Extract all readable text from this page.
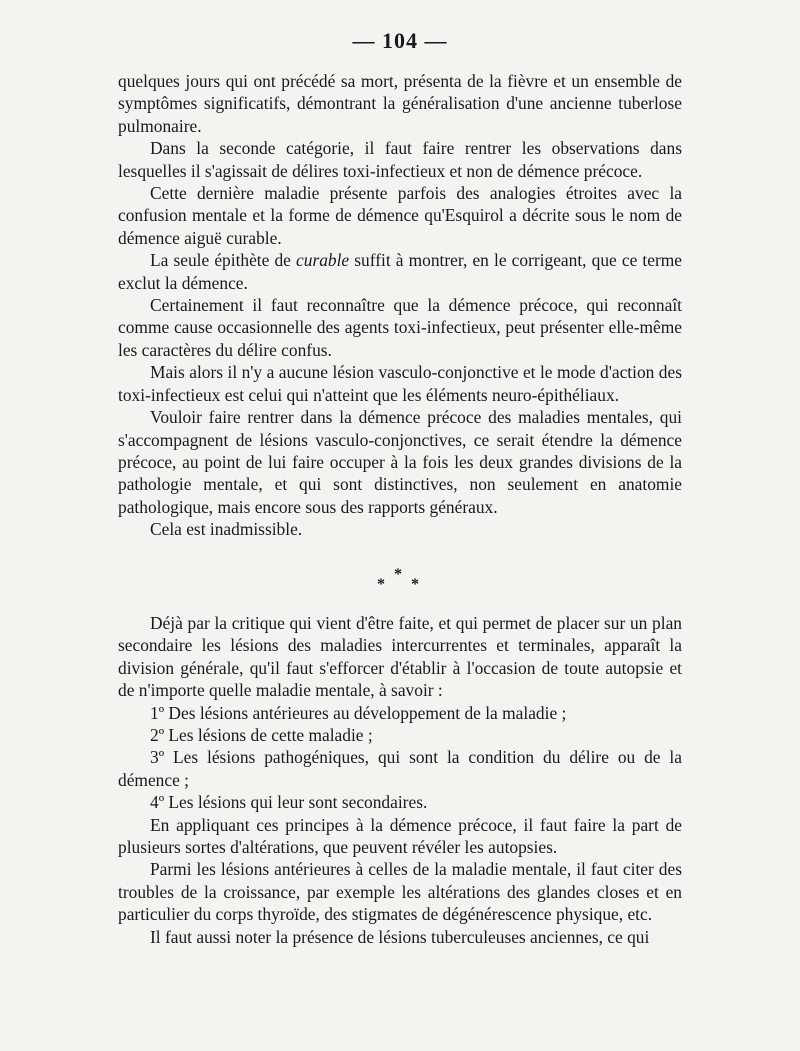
— 104 —

quelques jours qui ont précédé sa mort, présenta de la fièvre et un ensemble de symptômes significatifs, démontrant la généralisation d'une ancienne tuberlose pulmonaire.

Dans la seconde catégorie, il faut faire rentrer les observations dans lesquelles il s'agissait de délires toxi-infectieux et non de démence précoce.

Cette dernière maladie présente parfois des analogies étroites avec la confusion mentale et la forme de démence qu'Esquirol a décrite sous le nom de démence aiguë curable.

La seule épithète de curable suffit à montrer, en le corrigeant, que ce terme exclut la démence.

Certainement il faut reconnaître que la démence précoce, qui reconnaît comme cause occasionnelle des agents toxi-infectieux, peut présenter elle-même les caractères du délire confus.

Mais alors il n'y a aucune lésion vasculo-conjonctive et le mode d'action des toxi-infectieux est celui qui n'atteint que les éléments neuro-épithéliaux.

Vouloir faire rentrer dans la démence précoce des maladies mentales, qui s'accompagnent de lésions vasculo-conjonctives, ce serait étendre la démence précoce, au point de lui faire occuper à la fois les deux grandes divisions de la pathologie mentale, et qui sont distinctives, non seulement en anatomie pathologique, mais encore sous des rapports généraux.

Cela est inadmissible.

*
*
*

Déjà par la critique qui vient d'être faite, et qui permet de placer sur un plan secondaire les lésions des maladies intercurrentes et terminales, apparaît la division générale, qu'il faut s'efforcer d'établir à l'occasion de toute autopsie et de n'importe quelle maladie mentale, à savoir :

1º Des lésions antérieures au développement de la maladie ;

2º Les lésions de cette maladie ;

3º Les lésions pathogéniques, qui sont la condition du délire ou de la démence ;

4º Les lésions qui leur sont secondaires.

En appliquant ces principes à la démence précoce, il faut faire la part de plusieurs sortes d'altérations, que peuvent révéler les autopsies.

Parmi les lésions antérieures à celles de la maladie mentale, il faut citer des troubles de la croissance, par exemple les altérations des glandes closes et en particulier du corps thyroïde, des stigmates de dégénérescence physique, etc.

Il faut aussi noter la présence de lésions tuberculeuses anciennes, ce qui
